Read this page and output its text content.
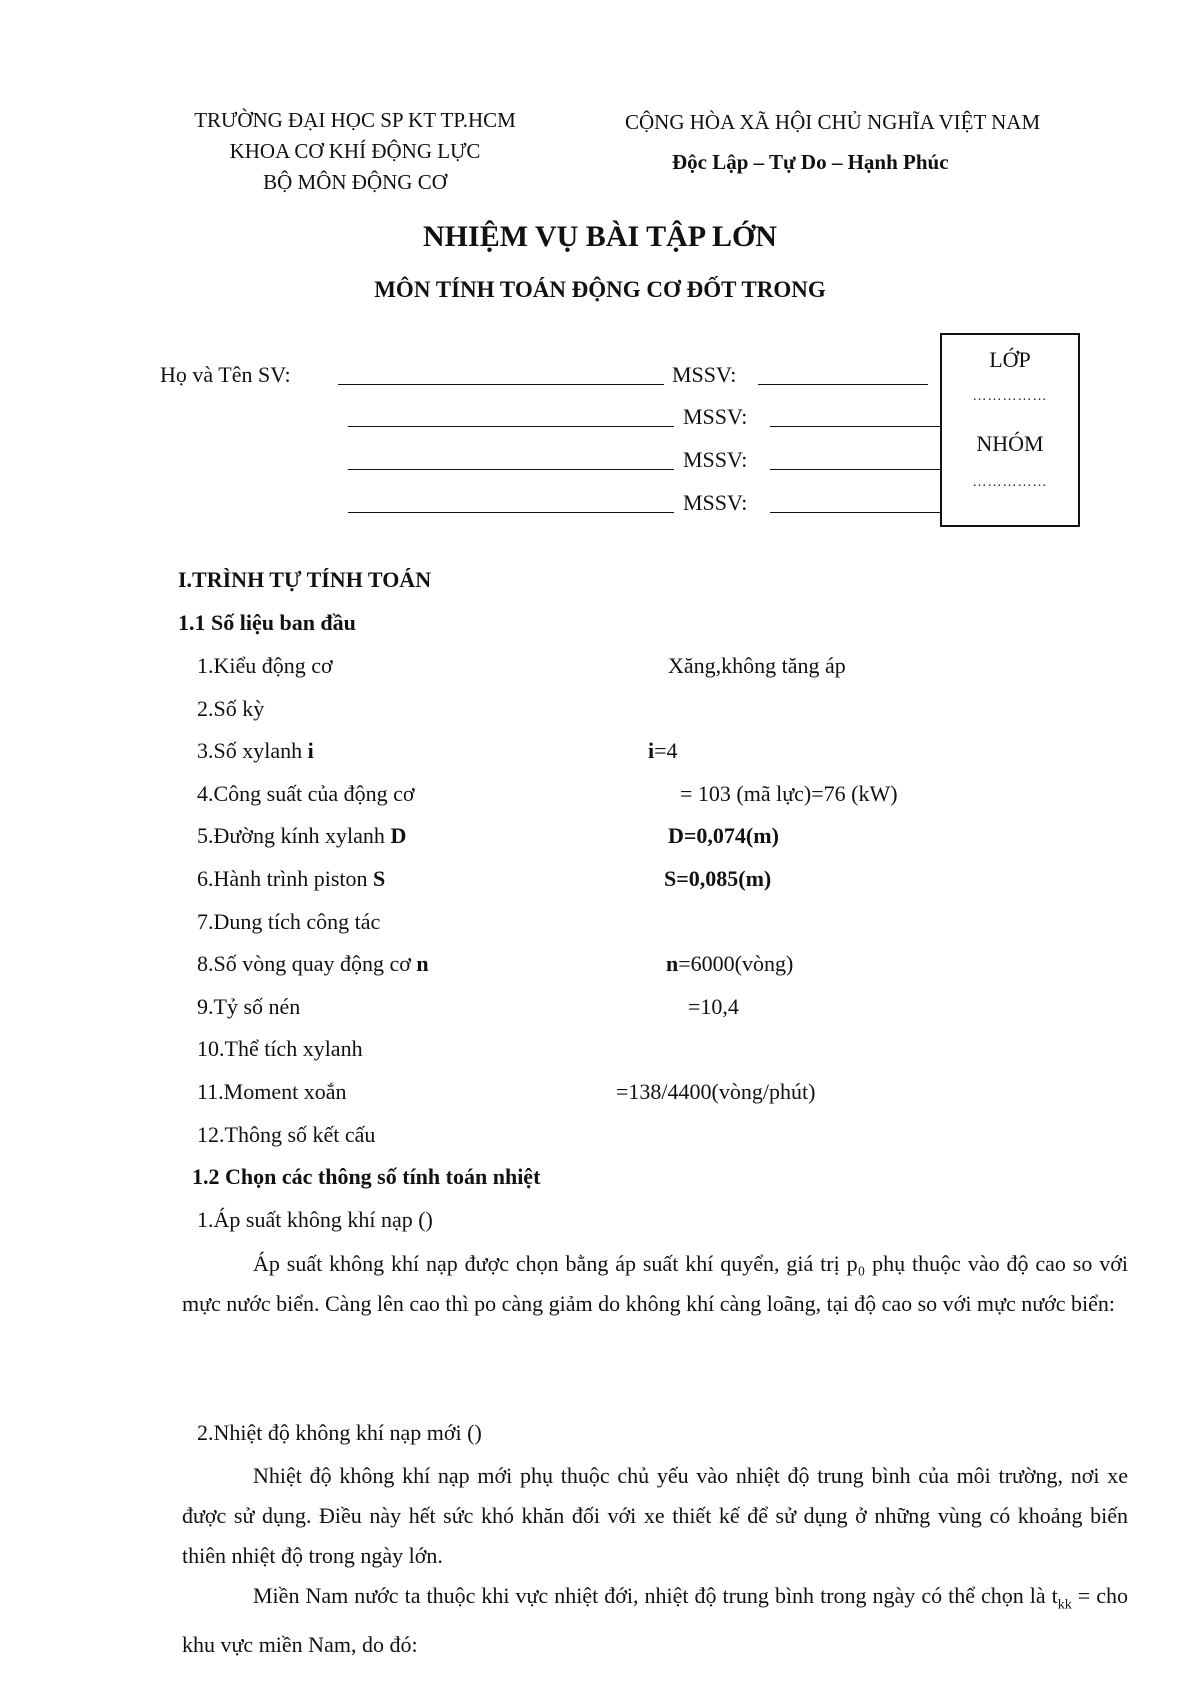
TRƯỜNG ĐẠI HỌC SP KT TP.HCM
KHOA CƠ KHÍ ĐỘNG LỰC
BỘ MÔN ĐỘNG CƠ
CỘNG HÒA XÃ HỘI CHỦ NGHĨA VIỆT NAM
Độc Lập – Tự Do – Hạnh Phúc
NHIỆM VỤ BÀI TẬP LỚN
MÔN TÍNH TOÁN ĐỘNG CƠ ĐỐT TRONG
Họ và Tên SV:	MSSV:
MSSV:
MSSV:
MSSV:
LỚP
……………
NHÓM
……………
I.TRÌNH TỰ TÍNH TOÁN
1.1 Số liệu ban đầu
1.Kiểu động cơ	Xăng,không tăng áp
2.Số kỳ
3.Số xylanh i	i=4
4.Công suất của động cơ	= 103 (mã lực)=76 (kW)
5.Đường kính xylanh D	D=0,074(m)
6.Hành trình piston S	S=0,085(m)
7.Dung tích công tác
8.Số vòng quay động cơ n	n=6000(vòng)
9.Tỷ số nén	=10,4
10.Thể tích xylanh
11.Moment xoắn	=138/4400(vòng/phút)
12.Thông số kết cấu
1.2 Chọn các thông số tính toán nhiệt
1.Áp suất không khí nạp ()
Áp suất không khí nạp được chọn bằng áp suất khí quyển, giá trị p₀ phụ thuộc vào độ cao so với mực nước biển. Càng lên cao thì po càng giảm do không khí càng loãng, tại độ cao so với mực nước biển:
2.Nhiệt độ không khí nạp mới ()
Nhiệt độ không khí nạp mới phụ thuộc chủ yếu vào nhiệt độ trung bình của môi trường, nơi xe được sử dụng. Điều này hết sức khó khăn đối với xe thiết kế để sử dụng ở những vùng có khoảng biến thiên nhiệt độ trong ngày lớn.
Miền Nam nước ta thuộc khi vực nhiệt đới, nhiệt độ trung bình trong ngày có thể chọn là $t_{kk}$ = cho khu vực miền Nam, do đó:
